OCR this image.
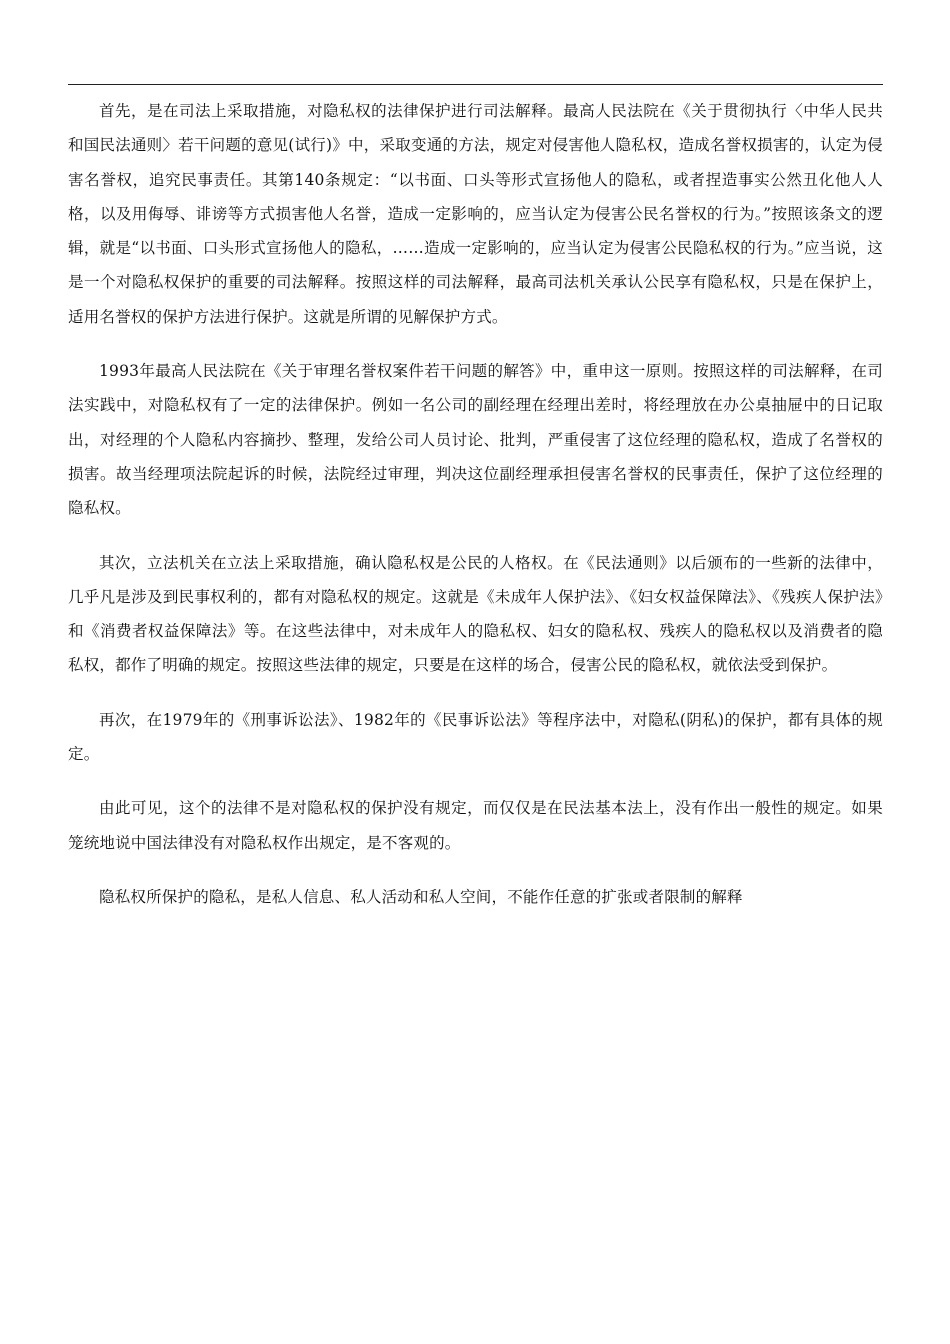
首先，是在司法上采取措施，对隐私权的法律保护进行司法解释。最高人民法院在《关于贯彻执行〈中华人民共和国民法通则〉若干问题的意见(试行)》中，采取变通的方法，规定对侵害他人隐私权，造成名誉权损害的，认定为侵害名誉权，追究民事责任。其第140条规定：“以书面、口头等形式宣扬他人的隐私，或者捏造事实公然丑化他人人格，以及用侮辱、诽谤等方式损害他人名誉，造成一定影响的，应当认定为侵害公民名誉权的行为。”按照该条文的逻辑，就是“以书面、口头形式宣扬他人的隐私，……造成一定影响的，应当认定为侵害公民隐私权的行为。”应当说，这是一个对隐私权保护的重要的司法解释。按照这样的司法解释，最高司法机关承认公民享有隐私权，只是在保护上，适用名誉权的保护方法进行保护。这就是所谓的见解保护方式。

1993年最高人民法院在《关于审理名誉权案件若干问题的解答》中，重申这一原则。按照这样的司法解释，在司法实践中，对隐私权有了一定的法律保护。例如一名公司的副经理在经理出差时，将经理放在办公桌抽屉中的日记取出，对经理的个人隐私内容摘抄、整理，发给公司人员讨论、批判，严重侵害了这位经理的隐私权，造成了名誉权的损害。故当经理项法院起诉的时候，法院经过审理，判决这位副经理承担侵害名誉权的民事责任，保护了这位经理的隐私权。

其次，立法机关在立法上采取措施，确认隐私权是公民的人格权。在《民法通则》以后颁布的一些新的法律中，几乎凡是涉及到民事权利的，都有对隐私权的规定。这就是《未成年人保护法》、《妇女权益保障法》、《残疾人保护法》和《消费者权益保障法》等。在这些法律中，对未成年人的隐私权、妇女的隐私权、残疾人的隐私权以及消费者的隐私权，都作了明确的规定。按照这些法律的规定，只要是在这样的场合，侵害公民的隐私权，就依法受到保护。

再次，在1979年的《刑事诉讼法》、1982年的《民事诉讼法》等程序法中，对隐私(阴私)的保护，都有具体的规定。

由此可见，这个的法律不是对隐私权的保护没有规定，而仅仅是在民法基本法上，没有作出一般性的规定。如果笼统地说中国法律没有对隐私权作出规定，是不客观的。

隐私权所保护的隐私，是私人信息、私人活动和私人空间，不能作任意的扩张或者限制的解释
